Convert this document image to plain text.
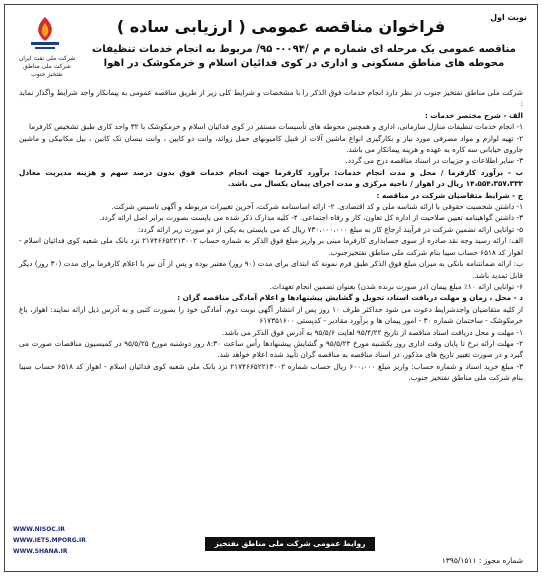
نوبت اول
شرکت ملی نفت ایران
شرکت ملی مناطق
نفتخیز جنوب
فراخوان مناقصه عمومی ( ارزیابی ساده )
مناقصه عمومی یک مرحله ای شماره م م /۰۰۹۴- ۹۵/ مربوط به انجام خدمات تنظیفات محوطه های مناطق مسکونی و اداری در کوی فدائیان اسلام و خرمکوشک در اهوا

شرکت ملی مناطق نفتخیز جنوب در نظر دارد انجام خدمات فوق الذکر را با مشخصات و شرایط کلی زیر از طریق مناقصه عمومی به پیمانکار واجد شرایط واگذار نماید :

الف - شرح مختصر خدمات :

۱- انجام خدمات تنظیفات منازل سازمانی، اداری و همچنین محوطه های تأسیسات مستقر در کوی فدائیان اسلام و خرمکوشک با ۳۲ واحد کاری طبق تشخیص کارفرما

۲- تهیه لوازم و مواد مصرفی مورد نیاز و بکارگیری انواع ماشین آلات از قبیل کامیونهای حمل زوائد، وانت دو کابین ، وانت نیسان تک کابین ، بیل مکانیکی و ماشین جاروی خیابانی سه کاره به عهده و هزینه پیمانکار می باشد.

۳- سایر اطلاعات و جزییات در اسناد مناقصه درج می گردد.

ب - برآورد کارفرما / محل و مدت انجام خدمات: برآورد کارفرما جهت انجام خدمات فوق بدون درصد سهم و هزینه مدیریت معادل ۱۴،۵۵۴،۳۵۷،۳۳۲ ریال در اهواز / ناحیه مرکزی و مدت اجرای پیمان یکسال می باشد.

ج - شرایط متقاضیان شرکت در مناقصه :

۱- داشتن شخصیت حقوقی با ارائه شناسه ملی و کد اقتصادی. ۲- ارائه اساسنامه شرکت، آخرین تغییرات مربوطه و آگهی تاسیس شرکت.

۳- داشتن گواهینامه تعیین صلاحیت از اداره کل تعاون، کار و رفاه اجتماعی. ۴- کلیه مدارک ذکر شده می بایست بصورت برابر اصل ارائه گردد.

۵- توانایی ارائه تضمین شرکت در فرآیند ارجاع کار به مبلغ ۷۳۰،۰۰۰،۰۰۰ ریال که می بایستی به یکی از دو صورت زیر ارائه گردد:

الف: ارائه رسید وجه نقد صادره از سوی حسابداری کارفرما مبنی بر واریز مبلغ فوق الذکر به شماره حساب ۲۱۷۴۶۶۵۲۲۱۳۰۰۲ نزد بانک ملی شعبه کوی فدائیان اسلام - اهواز کد ۶۵۱۸ حساب سیبا بنام شرکت ملی مناطق نفتخیزجنوب.

ب: ارائه ضمانتنامه بانکی به میزان مبلغ فوق الذکر طبق فرم نمونه که ابتدای برای مدت (۹۰ روز) معتبر بوده و پس از آن نیز با اعلام کارفرما برای مدت (۳۰ روز) دیگر قابل تمدید باشد.

۶- توانایی ارائه ۱۰٪ مبلغ پیمان (در صورت برنده شدن) بعنوان تضمین انجام تعهدات.

د - محل ، زمان و مهلت دریافت اسناد، تحویل و گشایش پیشنهادها و اعلام آمادگی مناقصه گران :

از کلیه متقاضیان واجدشرایط دعوت می شود حداکثر ظرف ۱۰ روز پس از انتشار آگهی نوبت دوم، آمادگی خود را بصورت کتبی و به آدرس ذیل ارائه نمایند: اهواز، باغ خرمکوشک - ساختمان شماره ۳۰ - امور پیمان ها و برآورد مقادیر - کدپستی ۶۱۷۳۵۱۶۰۰

۱- مهلت و محل دریافت اسناد مناقصه از تاریخ ۹۵/۴/۲۲ لغایت ۹۵/۵/۶ به آدرس فوق الذکر می باشد.

۲- مهلت ارائه نرخ تا پایان وقت اداری روز یکشنبه مورخ ۹۵/۵/۲۴ و گشایش پیشنهادها رأس ساعت ۸:۳۰ روز دوشنبه مورخ ۹۵/۵/۲۵ در کمیسیون مناقصات صورت می گیرد و در صورت تغییر تاریخ های مذکور، در اسناد مناقصه به مناقصه گران تأیید شده اعلام خواهد شد.

۳- مبلغ خرید اسناد و شماره حساب: واریز مبلغ ۶۰۰،۰۰۰ ریال حساب شماره ۲۱۷۴۶۶۵۲۲۱۳۰۰۲ نزد بانک ملی شعبه کوی فدائیان اسلام - اهواز کد ۶۵۱۸ حساب سیبا بنام شرکت ملی مناطق نفتخیز جنوب.

WWW.NISOC.IR
WWW.IETS.MPORG.IR
WWW.SHANA.IR
روابط عمومی شرکت ملی مناطق نفتخیز جنوب	شماره مجوز : ۱۳۹۵/۱۵۱۱
